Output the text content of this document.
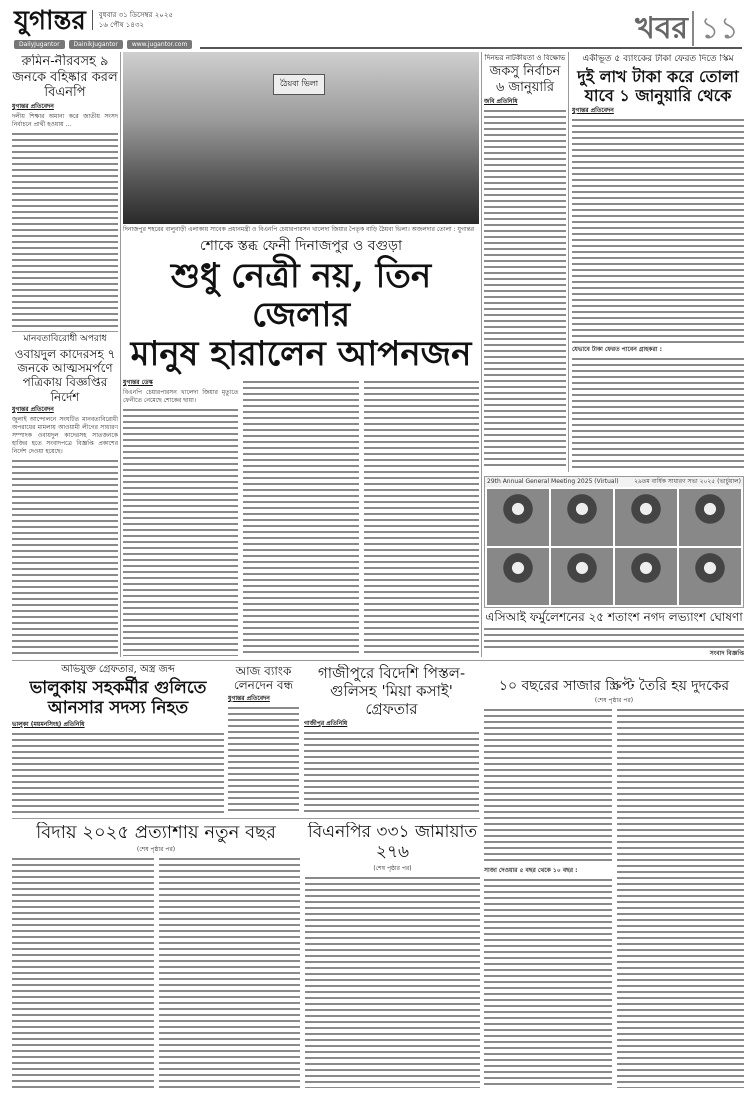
যুগান্তর বুধবার ৩১ ডিসেম্বর ২০২৫
১৬ পৌষ ১৪৩২
DailyJugantor	DainikJugantor	www.jugantor.com	খবর ১১
রুমিন-নীরবসহ ৯ জনকে বহিষ্কার করল বিএনপি
যুগান্তর প্রতিবেদন
দলীয় শিক্ষার অমান্য করে জাতীয় সংসদ নির্বাচনে প্রার্থী হওয়ায় ...
মানবতাবিরোধী অপরাধ
ওবায়দুল কাদেরসহ ৭ জনকে আত্মসমর্পণে পত্রিকায় বিজ্ঞপ্তির নির্দেশ
যুগান্তর প্রতিবেদন
জুলাই আন্দোলনে সংঘটিত মানবতাবিরোধী অপরাধের মামলায় আওয়ামী লীগের সাধারণ সম্পাদক ওবায়দুল কাদেরসহ সাতজনকে হাজির হতে সংবাদপত্রে বিজ্ঞপ্তি প্রকাশের নির্দেশ দেওয়া হয়েছে।
ঠৈয়বা ভিলা
দিনাজপুর শহরের বালুবাড়ী এলাকায় সাবেক প্রধানমন্ত্রী ও বিএনপি চেয়ারপারসন খালেদা জিয়ার পৈতৃক বাড়ি ঠৈয়বা ভিলা। অজলদার তোলা : যুগান্তর
শোকে স্তব্ধ ফেনী দিনাজপুর ও বগুড়া
শুধু নেত্রী নয়, তিন জেলার
মানুষ হারালেন আপনজন
যুগান্তর ডেস্ক
বিএনপি চেয়ারপারসন খালেদা জিয়ার মৃত্যুতে ফেনীতে নেমেছে শোকের ছায়া।
দিনভর নাটকীয়তা ও বিক্ষোভ
জকসু নির্বাচন ৬ জানুয়ারি
জবি প্রতিনিধি
একীভূত ৫ ব্যাংকের টাকা ফেরত দিতে স্কিম
দুই লাখ টাকা করে তোলা যাবে ১ জানুয়ারি থেকে
যুগান্তর প্রতিবেদন
যেভাবে টাকা ফেরত পাবেন গ্রাহকরা :
29th Annual General Meeting 2025 (Virtual)	২৯তম বার্ষিক সাধারণ সভা ২০২৫ (ভার্চুয়াল)
এসিআই ফর্মুলেশনের ২৫ শতাংশ নগদ লভ্যাংশ ঘোষণা
সংবাদ বিজ্ঞপ্তি
অভিযুক্ত গ্রেফতার, অস্ত্র জব্দ
ভালুকায় সহকর্মীর গুলিতে আনসার সদস্য নিহত
ভালুকা (ময়মনসিংহ) প্রতিনিধি
আজ ব্যাংক লেনদেন বন্ধ
যুগান্তর প্রতিবেদন
গাজীপুরে বিদেশি পিস্তল-গুলিসহ 'মিয়া কসাই' গ্রেফতার
গাজীপুর প্রতিনিধি
১০ বছরের সাজার স্ক্রিপ্ট তৈরি হয় দুদকের
(শেষ পৃষ্ঠার পর)
সাজা দেওয়ার ৫ বছর থেকে ১০ বছর :
বিদায় ২০২৫ প্রত্যাশায় নতুন বছর
(শেষ পৃষ্ঠার পর)
বিএনপির ৩৩১ জামায়াত ২৭৬
(শেষ পৃষ্ঠার পর)
